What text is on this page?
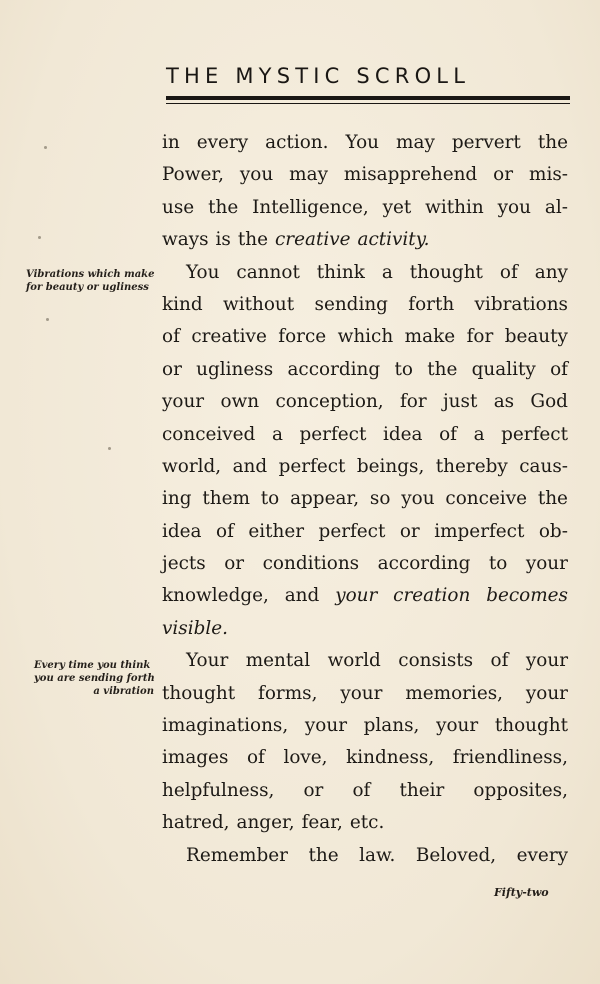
THE MYSTIC SCROLL
Vibrations which make
for beauty or ugliness
Every time you think
you are sending forth
a vibration
in every action. You may pervert the
Power, you may misapprehend or mis-
use the Intelligence, yet within you al-
ways is the creative activity.
You cannot think a thought of any
kind without sending forth vibrations
of creative force which make for beauty
or ugliness according to the quality of
your own conception, for just as God
conceived a perfect idea of a perfect
world, and perfect beings, thereby caus-
ing them to appear, so you conceive the
idea of either perfect or imperfect ob-
jects or conditions according to your
knowledge, and your creation becomes
visible.
Your mental world consists of your
thought forms, your memories, your
imaginations, your plans, your thought
images of love, kindness, friendliness,
helpfulness, or of their opposites,
hatred, anger, fear, etc.
Remember the law. Beloved, every
Fifty-two
